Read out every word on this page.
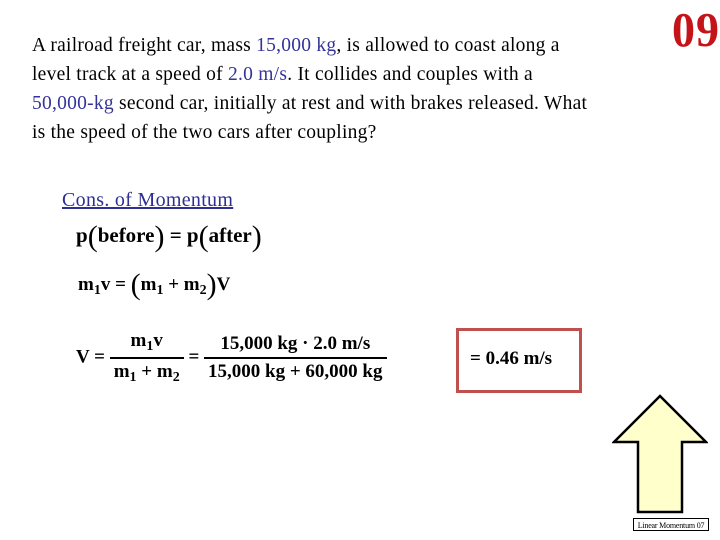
A railroad freight car, mass 15,000 kg, is allowed to coast along a level track at a speed of 2.0 m/s. It collides and couples with a 50,000-kg second car, initially at rest and with brakes released. What is the speed of the two cars after coupling?
09
Cons. of Momentum
p(before) = p(after)
$m_1v = (m_1 + m_2)V$
$V = \frac{m_1v}{m_1 + m_2} = \frac{15,000 kg \cdot 2.0 m/s}{15,000 kg + 60,000 kg}$	= 0.46 m/s
Linear Momentum 07
